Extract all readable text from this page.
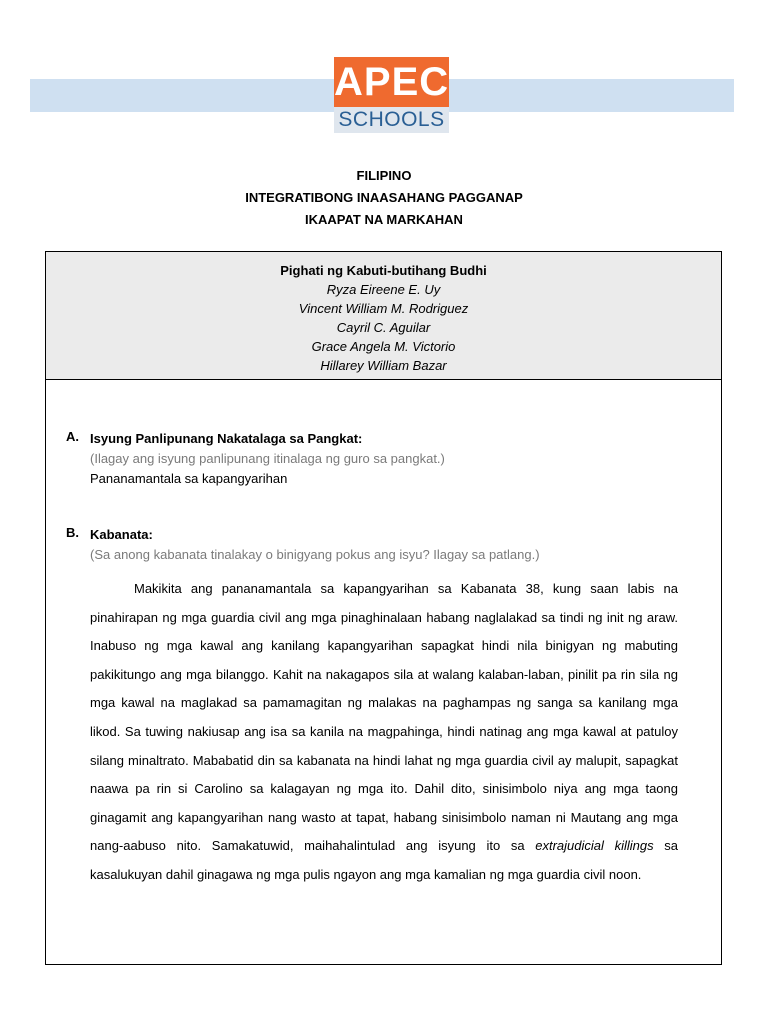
APEC
SCHOOLS
FILIPINO
INTEGRATIBONG INAASAHANG PAGGANAP
IKAAPAT NA MARKAHAN
Pighati ng Kabuti-butihang Budhi
Ryza Eireene E. Uy
Vincent William M. Rodriguez
Cayril C. Aguilar
Grace Angela M. Victorio
Hillarey William Bazar
A. Isyung Panlipunang Nakatalaga sa Pangkat:
(Ilagay ang isyung panlipunang itinalaga ng guro sa pangkat.)
Pananamantala sa kapangyarihan
B. Kabanata:
(Sa anong kabanata tinalakay o binigyang pokus ang isyu? Ilagay sa patlang.)

Makikita ang pananamantala sa kapangyarihan sa Kabanata 38, kung saan labis na pinahirapan ng mga guardia civil ang mga pinaghinalaan habang naglalakad sa tindi ng init ng araw. Inabuso ng mga kawal ang kanilang kapangyarihan sapagkat hindi nila binigyan ng mabuting pakikitungo ang mga bilanggo. Kahit na nakagapos sila at walang kalaban-laban, pinilit pa rin sila ng mga kawal na maglakad sa pamamagitan ng malakas na paghampas ng sanga sa kanilang mga likod. Sa tuwing nakiusap ang isa sa kanila na magpahinga, hindi natinag ang mga kawal at patuloy silang minaltrato. Mababatid din sa kabanata na hindi lahat ng mga guardia civil ay malupit, sapagkat naawa pa rin si Carolino sa kalagayan ng mga ito. Dahil dito, sinisimbolo niya ang mga taong ginagamit ang kapangyarihan nang wasto at tapat, habang sinisimbolo naman ni Mautang ang mga nang-aabuso nito. Samakatuwid, maihahalintulad ang isyung ito sa extrajudicial killings sa kasalukuyan dahil ginagawa ng mga pulis ngayon ang mga kamalian ng mga guardia civil noon.
